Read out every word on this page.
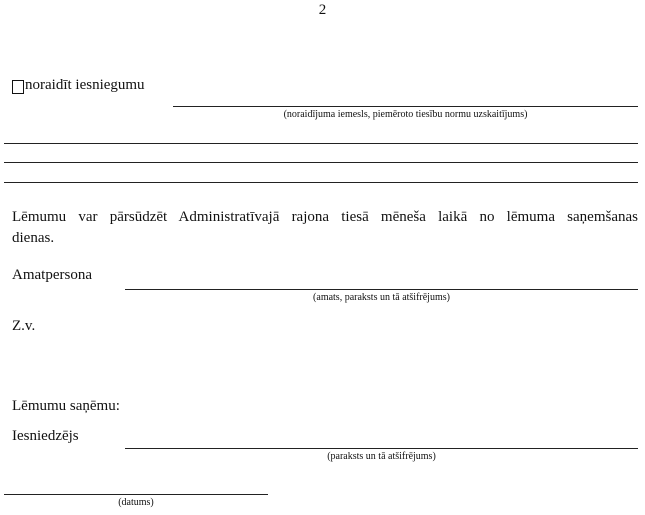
2
noraidīt iesniegumu
(noraidījuma iemesls, piemēroto tiesību normu uzskaitījums)
Lēmumu var pārsūdzēt Administratīvajā rajona tiesā mēneša laikā no lēmuma saņemšanas
dienas.
Amatpersona
(amats, paraksts un tā atšifrējums)
Z.v.
Lēmumu saņēmu:
Iesniedzējs
(paraksts un tā atšifrējums)
(datums)
